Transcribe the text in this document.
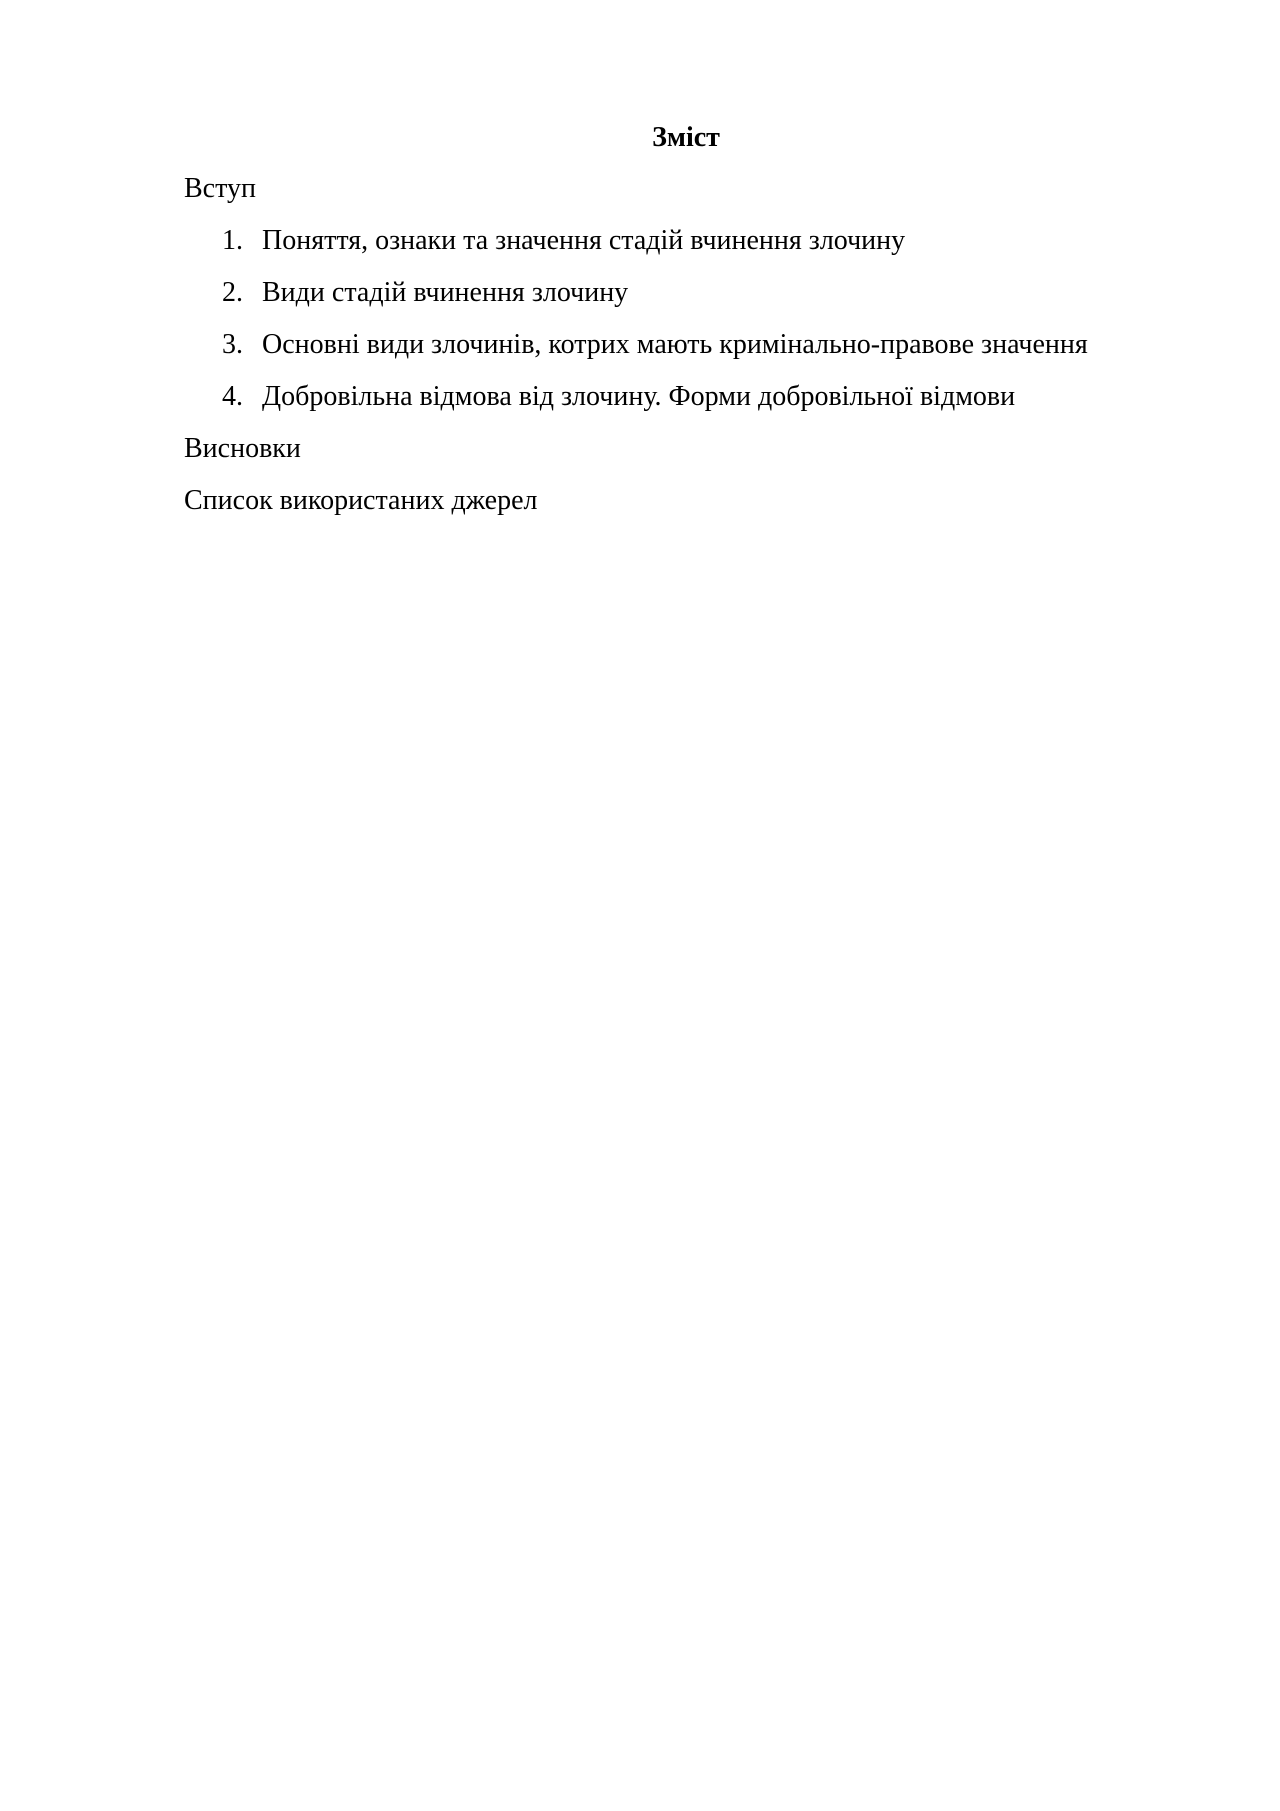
Зміст
Вступ
1. Поняття, ознаки та значення стадій вчинення злочину
2. Види стадій вчинення злочину
3. Основні види злочинів, котрих мають кримінально-правове значення
4. Добровільна відмова від злочину. Форми добровільної відмови
Висновки
Список використаних джерел
